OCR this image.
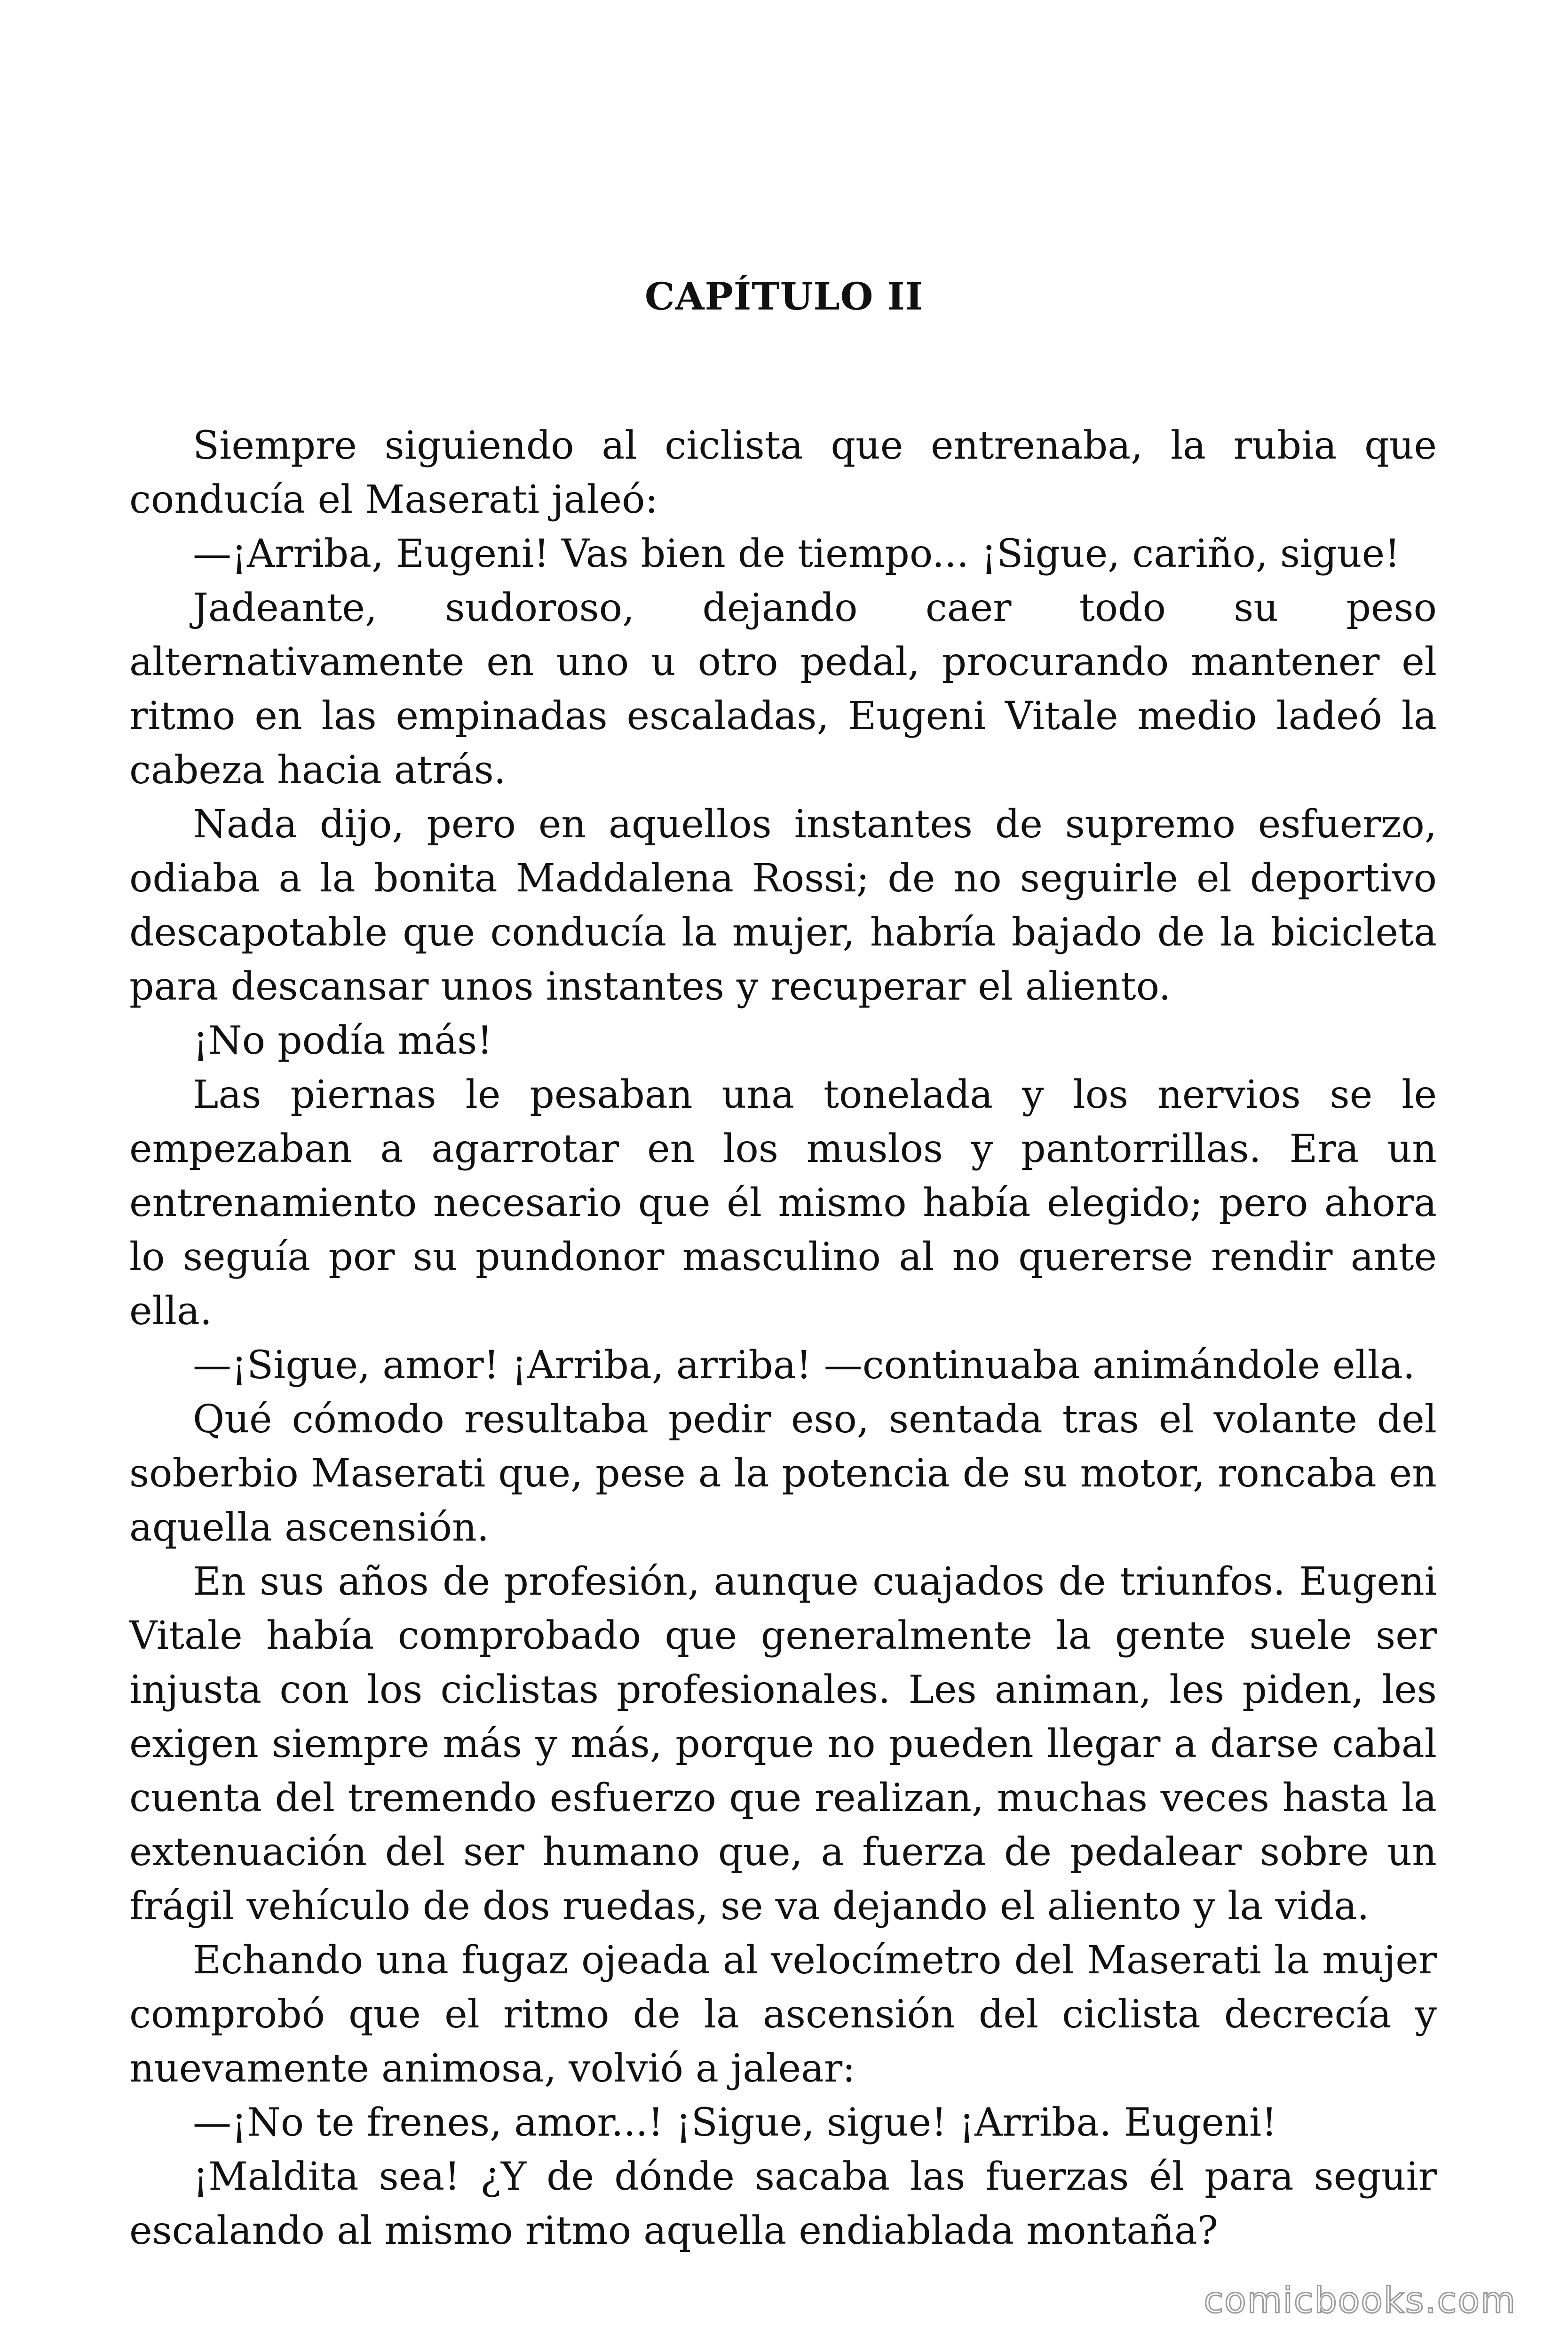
CAPÍTULO II

Siempre siguiendo al ciclista que entrenaba, la rubia que conducía el Maserati jaleó:

—¡Arriba, Eugeni! Vas bien de tiempo... ¡Sigue, cariño, sigue!

Jadeante, sudoroso, dejando caer todo su peso alternativamente en uno u otro pedal, procurando mantener el ritmo en las empinadas escaladas, Eugeni Vitale medio ladeó la cabeza hacia atrás.

Nada dijo, pero en aquellos instantes de supremo esfuerzo, odiaba a la bonita Maddalena Rossi; de no seguirle el deportivo descapotable que conducía la mujer, habría bajado de la bicicleta para descansar unos instantes y recuperar el aliento.

¡No podía más!

Las piernas le pesaban una tonelada y los nervios se le empezaban a agarrotar en los muslos y pantorrillas. Era un entrenamiento necesario que él mismo había elegido; pero ahora lo seguía por su pundonor masculino al no quererse rendir ante ella.

—¡Sigue, amor! ¡Arriba, arriba! —continuaba animándole ella.

Qué cómodo resultaba pedir eso, sentada tras el volante del soberbio Maserati que, pese a la potencia de su motor, roncaba en aquella ascensión.

En sus años de profesión, aunque cuajados de triunfos. Eugeni Vitale había comprobado que generalmente la gente suele ser injusta con los ciclistas profesionales. Les animan, les piden, les exigen siempre más y más, porque no pueden llegar a darse cabal cuenta del tremendo esfuerzo que realizan, muchas veces hasta la extenuación del ser humano que, a fuerza de pedalear sobre un frágil vehículo de dos ruedas, se va dejando el aliento y la vida.

Echando una fugaz ojeada al velocímetro del Maserati la mujer comprobó que el ritmo de la ascensión del ciclista decrecía y nuevamente animosa, volvió a jalear:

—¡No te frenes, amor...! ¡Sigue, sigue! ¡Arriba. Eugeni!

¡Maldita sea! ¿Y de dónde sacaba las fuerzas él para seguir escalando al mismo ritmo aquella endiablada montaña?

comicbooks.com
